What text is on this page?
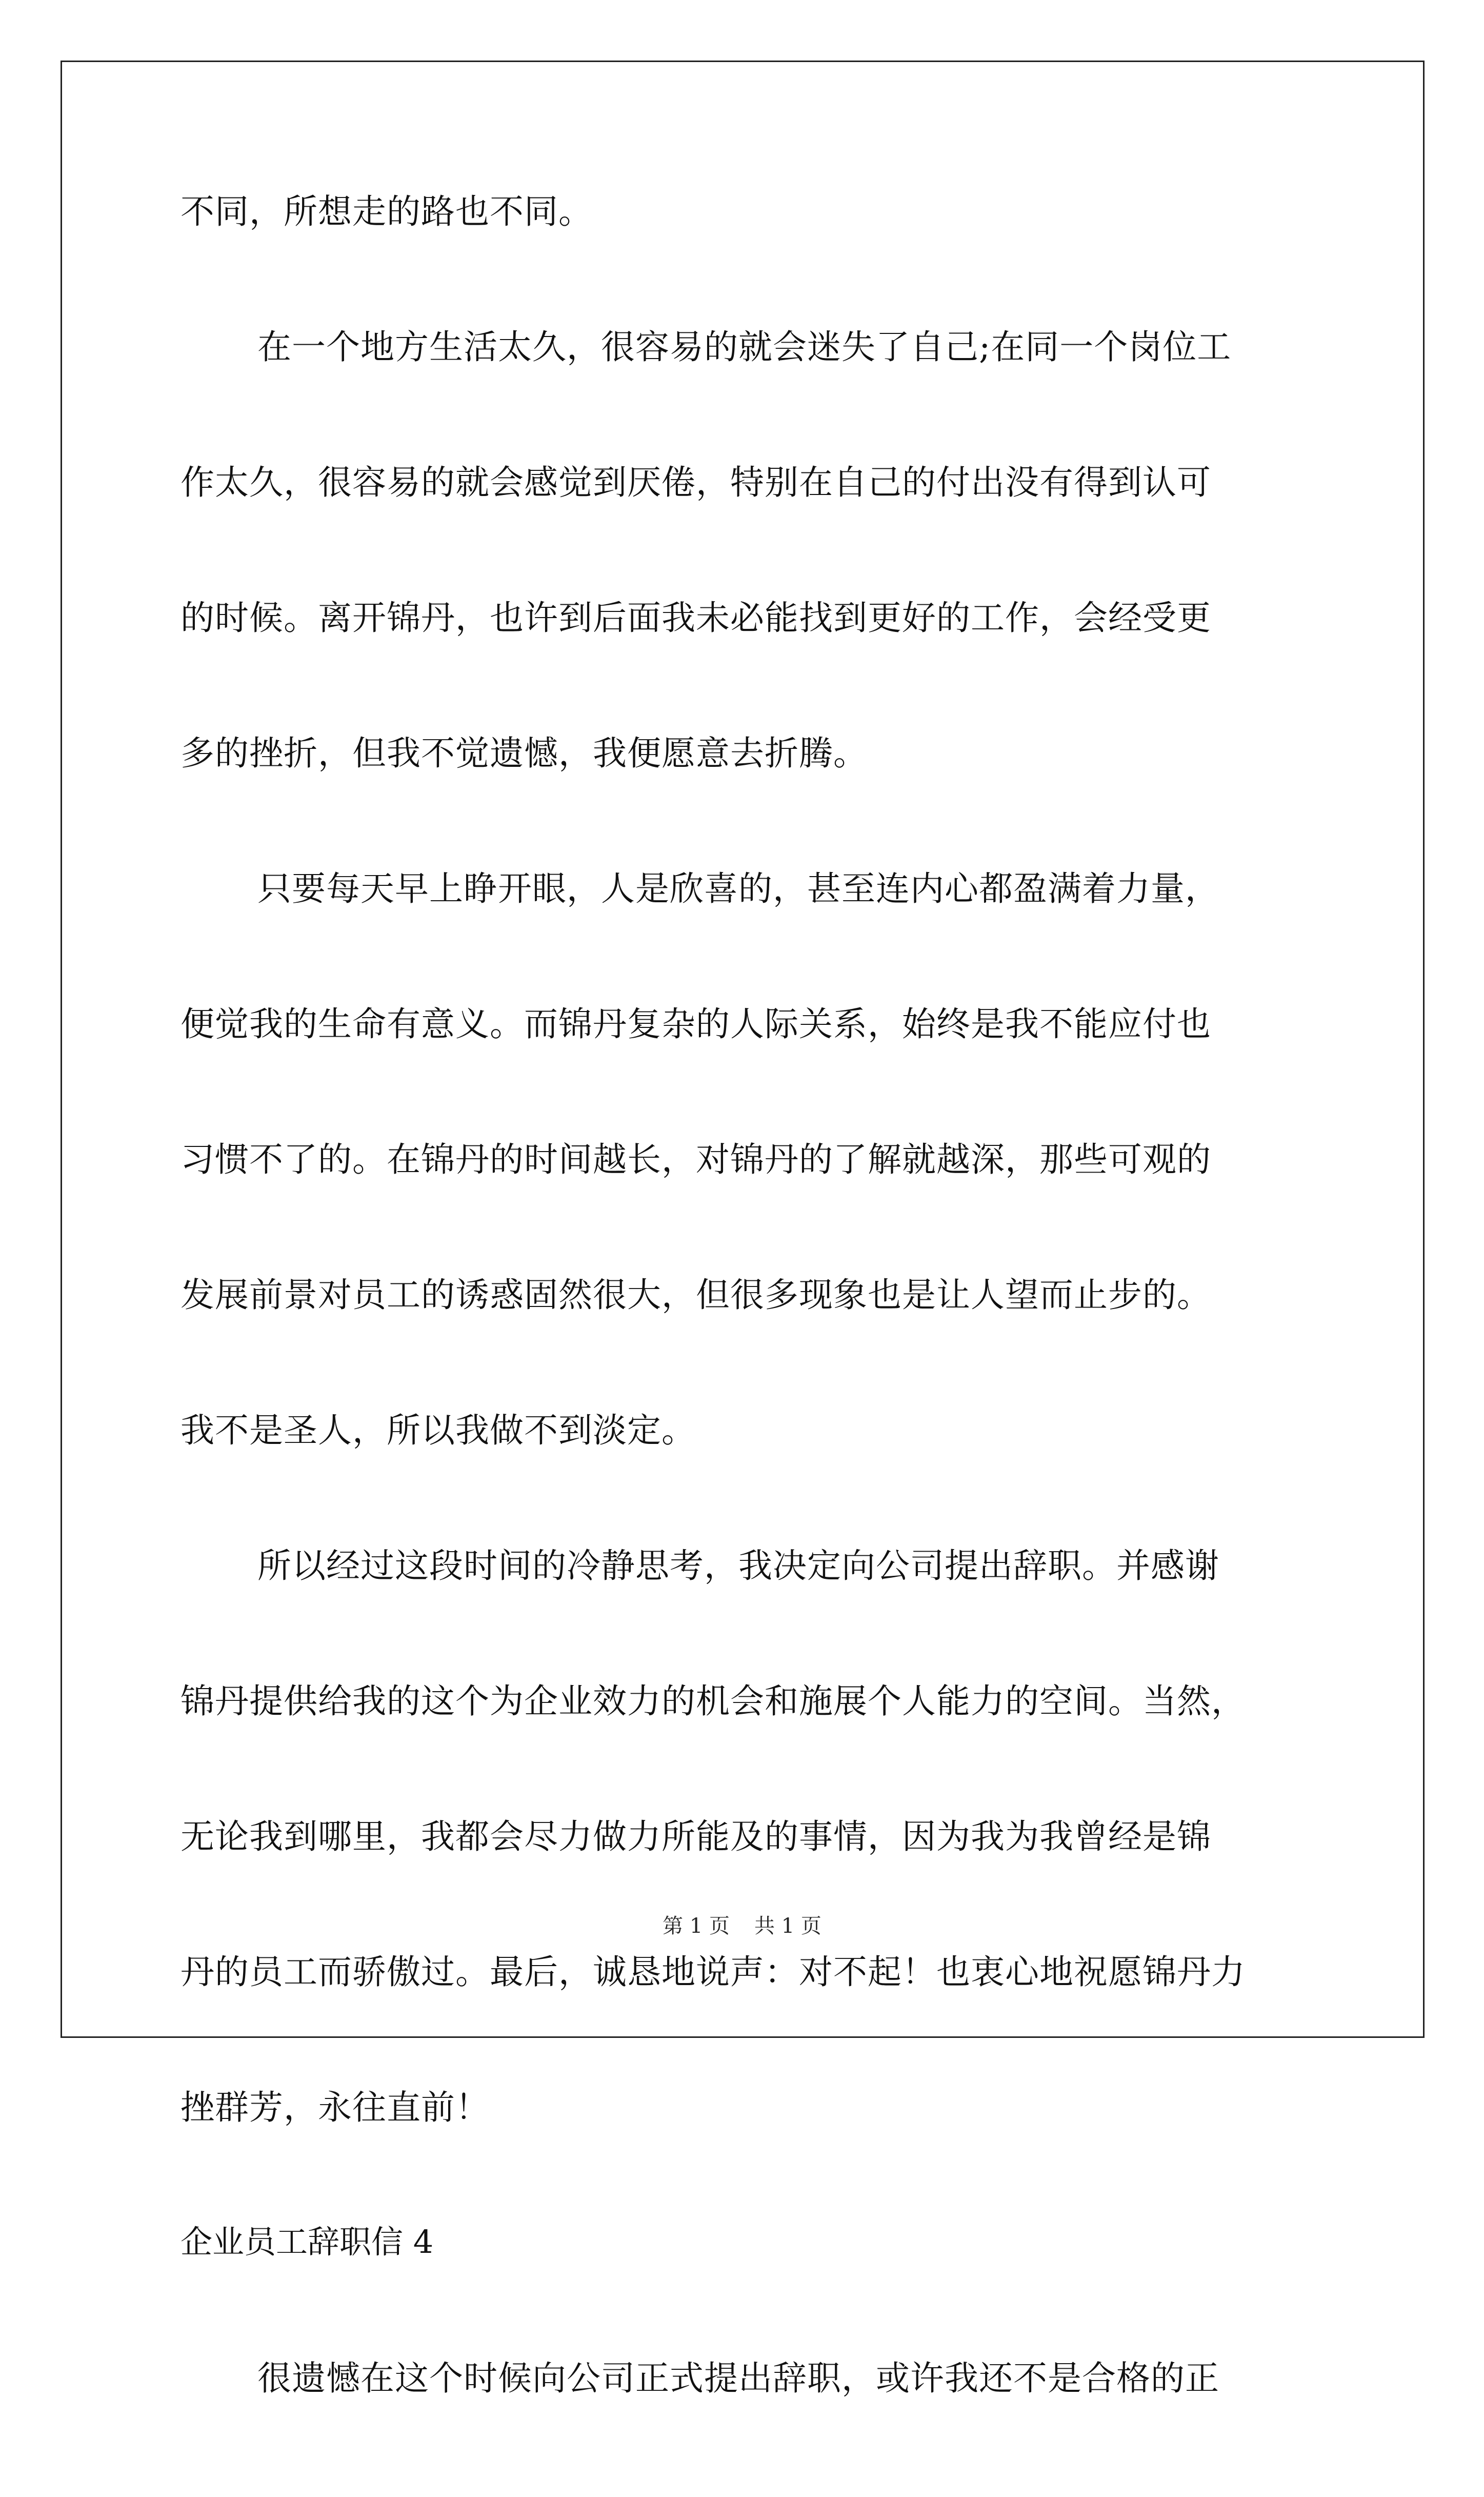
不同，所想走的路也不同。
在一个地方生活太久，很容易的就会迷失了自己;在同一个岗位工
作太久，很容易的就会感觉到厌倦，特别在自己的付出没有得到认可
的时候。离开锦丹，也许到后面我未必能找到更好的工作，会经受更
多的挫折，但我不觉遗憾，我便愿意去折腾。
只要每天早上睁开眼，人是欣喜的，甚至连内心都盈满着力量，
便觉我的生命有意义。而锦丹复杂的人际关系，始终是我不能应付也
习惯不了的。在锦丹的时间越长，对锦丹的了解就越深，那些可观的
发展前景对员工的诱惑固然很大，但很多现象也是让人望而止步的。
我不是圣人，所以我做不到淡定。
所以经过这段时间的冷静思考，我决定向公司提出辞职。并感谢
锦丹提供给我的这个为企业效力的机会和施展个人能力的空间。当然，
无论我到哪里，我都会尽力做力所能及的事情，因为我为我曾经是锦
丹的员工而骄傲过。最后，诚恳地说声：对不起！也衷心地祝愿锦丹力
挫群芳，永往直前！
企业员工辞职信 4
很遗憾在这个时候向公司正式提出辞职，或许我还不是合格的正
第 1 页 共 1 页
